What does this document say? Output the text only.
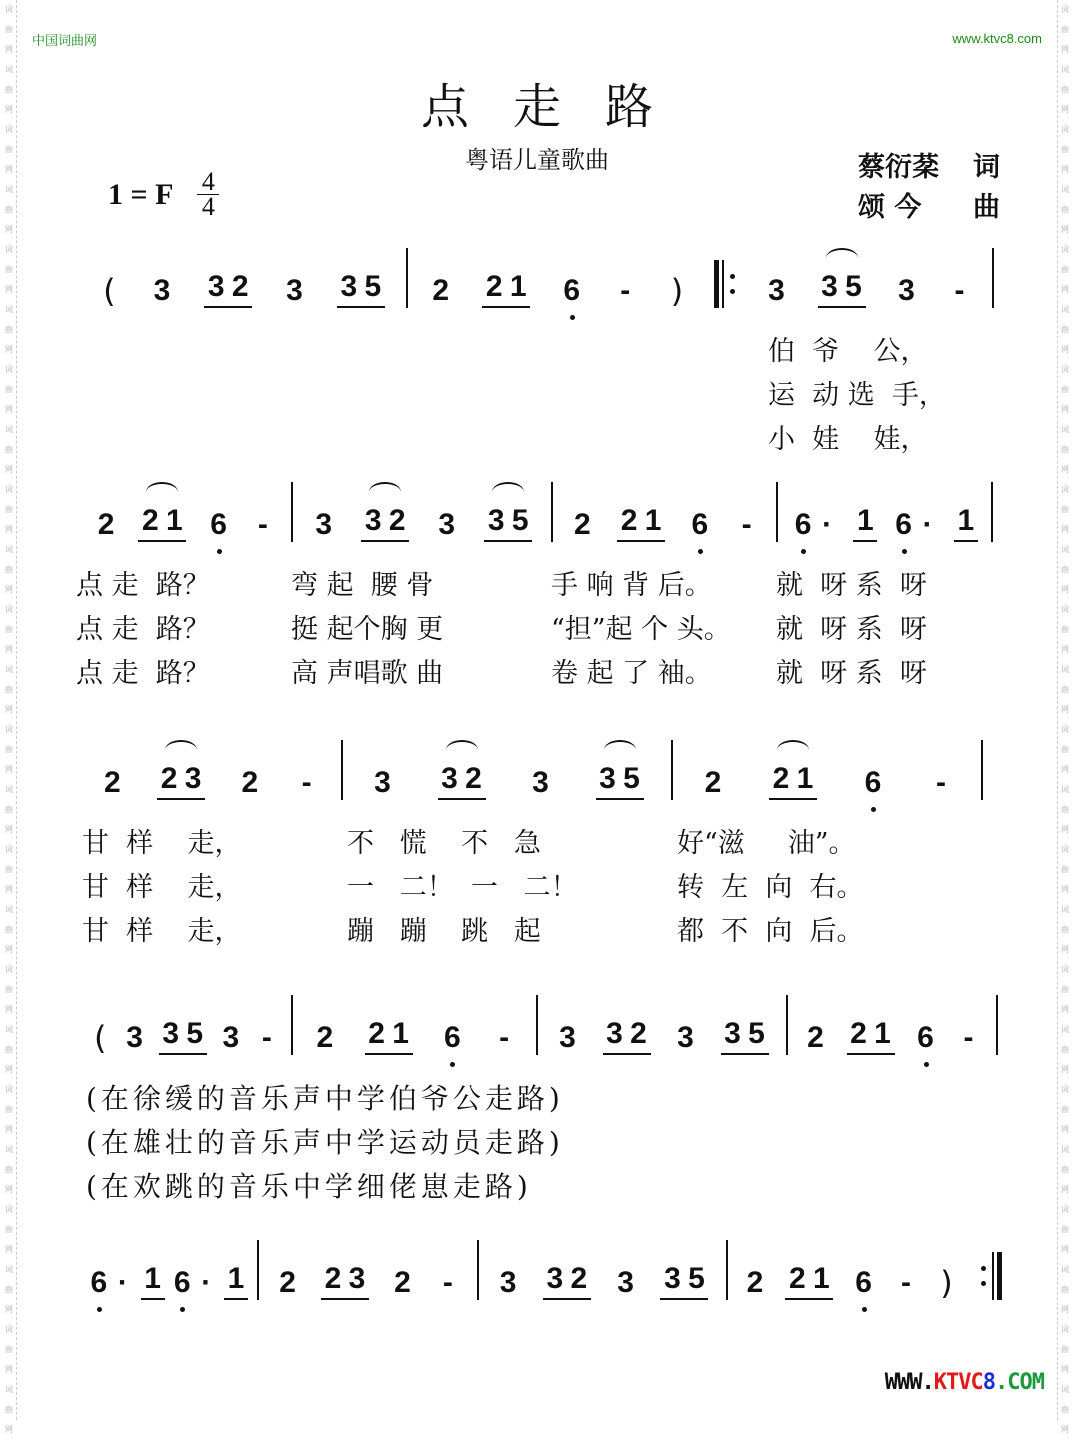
词
曲
网
词
曲
网
词
曲
网
词
曲
网
词
曲
网
词
曲
网
词
曲
网
词
曲
网
词
曲
网
词
曲
网
词
曲
网
词
曲
网
词
曲
网
词
曲
网
词
曲
网
词
曲
网
词
曲
网
词
曲
网
词
曲
网
词
曲
网
词
曲
网
词
曲
网
词
曲
网
词
曲
网
词
曲
网
词
曲
网
词
曲
网
词
曲
网
词
曲
网
词
曲
网
词
曲
网
词
曲
网
词
曲
网
词
曲
网
词
曲
网
词
曲
网
词
曲
网
词
曲
网
词
曲
网
词
曲
网
词
曲
网
词
曲
网
词
曲
网
词
曲
网
词
曲
网
词
曲
网
词
曲
网
词
曲
网
中国词曲网	www.ktvc8.com
点走路
粤语儿童歌曲
1 = F $\frac{4}{4}$
蔡衍棻 词
颂 今 曲
( 3 3 2 3 3 5 2 2 1 6 - )	3 3 5 3 -
伯  爷    公，
运  动 选  手，
小  娃    娃，
2 2 1 6 - 3 3 2 3 3 5 2 2 1 6 - 6 · 1 6 · 1
点 走  路？	弯 起  腰 骨	手 响 背 后。	就  呀 系  呀
点 走  路？	挺 起个胸 更	“担”起 个 头。	就  呀 系  呀
点 走  路？	高 声唱歌 曲	卷 起 了 袖。	就  呀 系  呀
2 2 3 2 - 3 3 2 3 3 5 2 2 1 6 -
甘  样    走，	不   慌    不   急	好“滋     油”。
甘  样    走，	一   二！  一   二！	转  左  向  右。
甘  样    走，	蹦   蹦    跳   起	都  不  向  后。
( 3 3 5 3 - 2 2 1 6 - 3 3 2 3 3 5 2 2 1 6 -
(在徐缓的音乐声中学伯爷公走路)
(在雄壮的音乐声中学运动员走路)
(在欢跳的音乐中学细佬崽走路)
6 · 1 6 · 1 2 2 3 2 - 3 3 2 3 3 5 2 2 1 6 - )
WWW.KTVC8.COM
